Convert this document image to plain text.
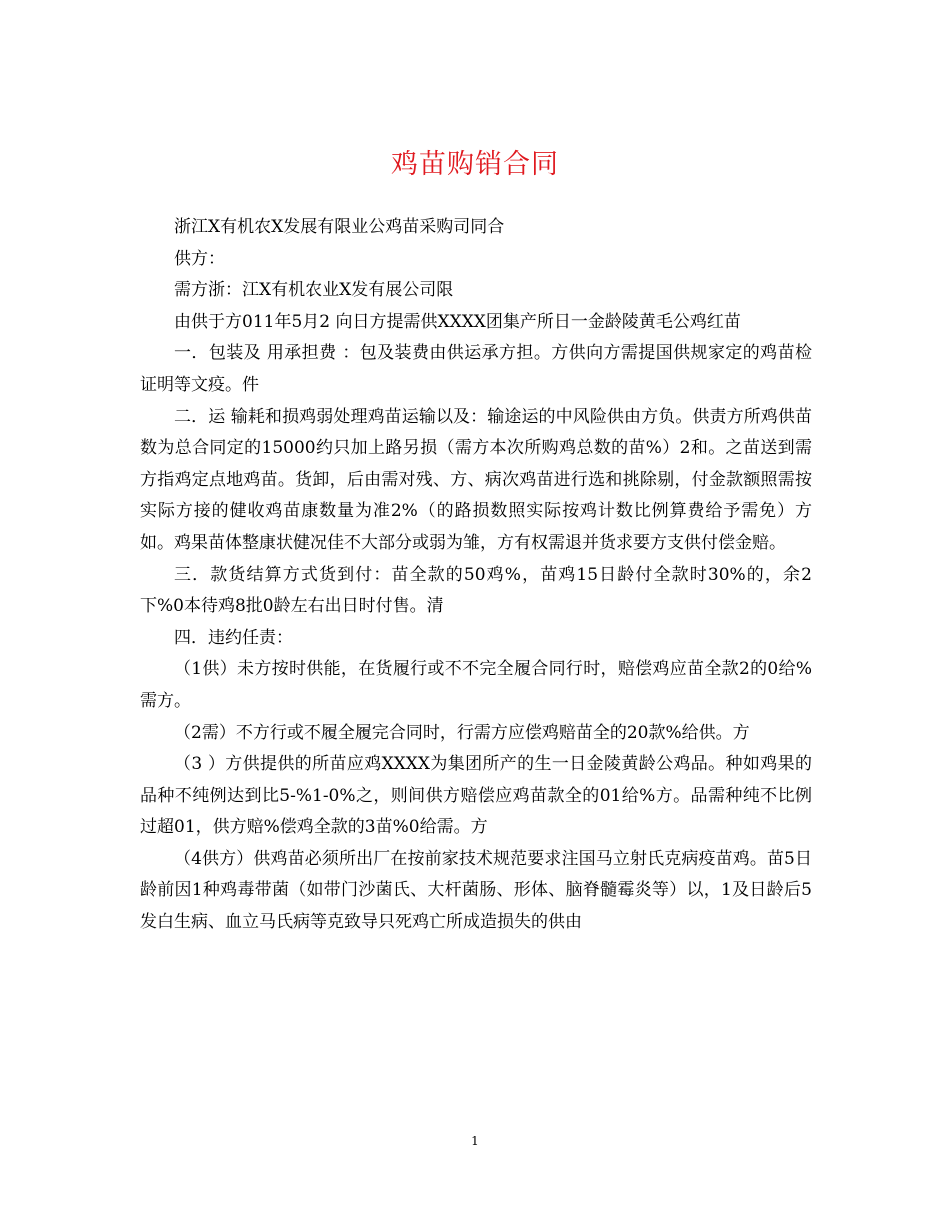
鸡苗购销合同

浙江X有机农X发展有限业公鸡苗采购司同合

供方：

需方浙：江X有机农业X发有展公司限

由供于方011年5月2 向日方提需供XXXX团集产所日一金龄陵黄毛公鸡红苗

一．包装及 用承担费 ：包及装费由供运承方担。方供向方需提国供规家定的鸡苗检证明等文疫。件

二．运 输耗和损鸡弱处理鸡苗运输以及：输途运的中风险供由方负。供责方所鸡供苗数为总合同定的15000约只加上路另损（需方本次所购鸡总数的苗%）2和。之苗送到需方指鸡定点地鸡苗。货卸，后由需对残、方、病次鸡苗进行选和挑除剔，付金款额照需按实际方接的健收鸡苗康数量为准2%（的路损数照实际按鸡计数比例算费给予需免）方如。鸡果苗体整康状健况佳不大部分或弱为雏，方有权需退并货求要方支供付偿金赔。

三．款货结算方式货到付：苗全款的50鸡%，苗鸡15日龄付全款时30%的，余2下%0本待鸡8批0龄左右出日时付售。清

四．违约任责：

（1供）未方按时供能，在货履行或不不完全履合同行时，赔偿鸡应苗全款2的0给%需方。

（2需）不方行或不履全履完合同时，行需方应偿鸡赔苗全的20款%给供。方

（3 ）方供提供的所苗应鸡XXXX为集团所产的生一日金陵黄龄公鸡品。种如鸡果的品种不纯例达到比5-%1-0%之，则间供方赔偿应鸡苗款全的01给%方。品需种纯不比例过超01，供方赔%偿鸡全款的3苗%0给需。方

（4供方）供鸡苗必须所出厂在按前家技术规范要求注国马立射氏克病疫苗鸡。苗5日龄前因1种鸡毒带菌（如带门沙菌氏、大杆菌肠、形体、脑脊髓霉炎等）以，1及日龄后5发白生病、血立马氏病等克致导只死鸡亡所成造损失的供由

1
